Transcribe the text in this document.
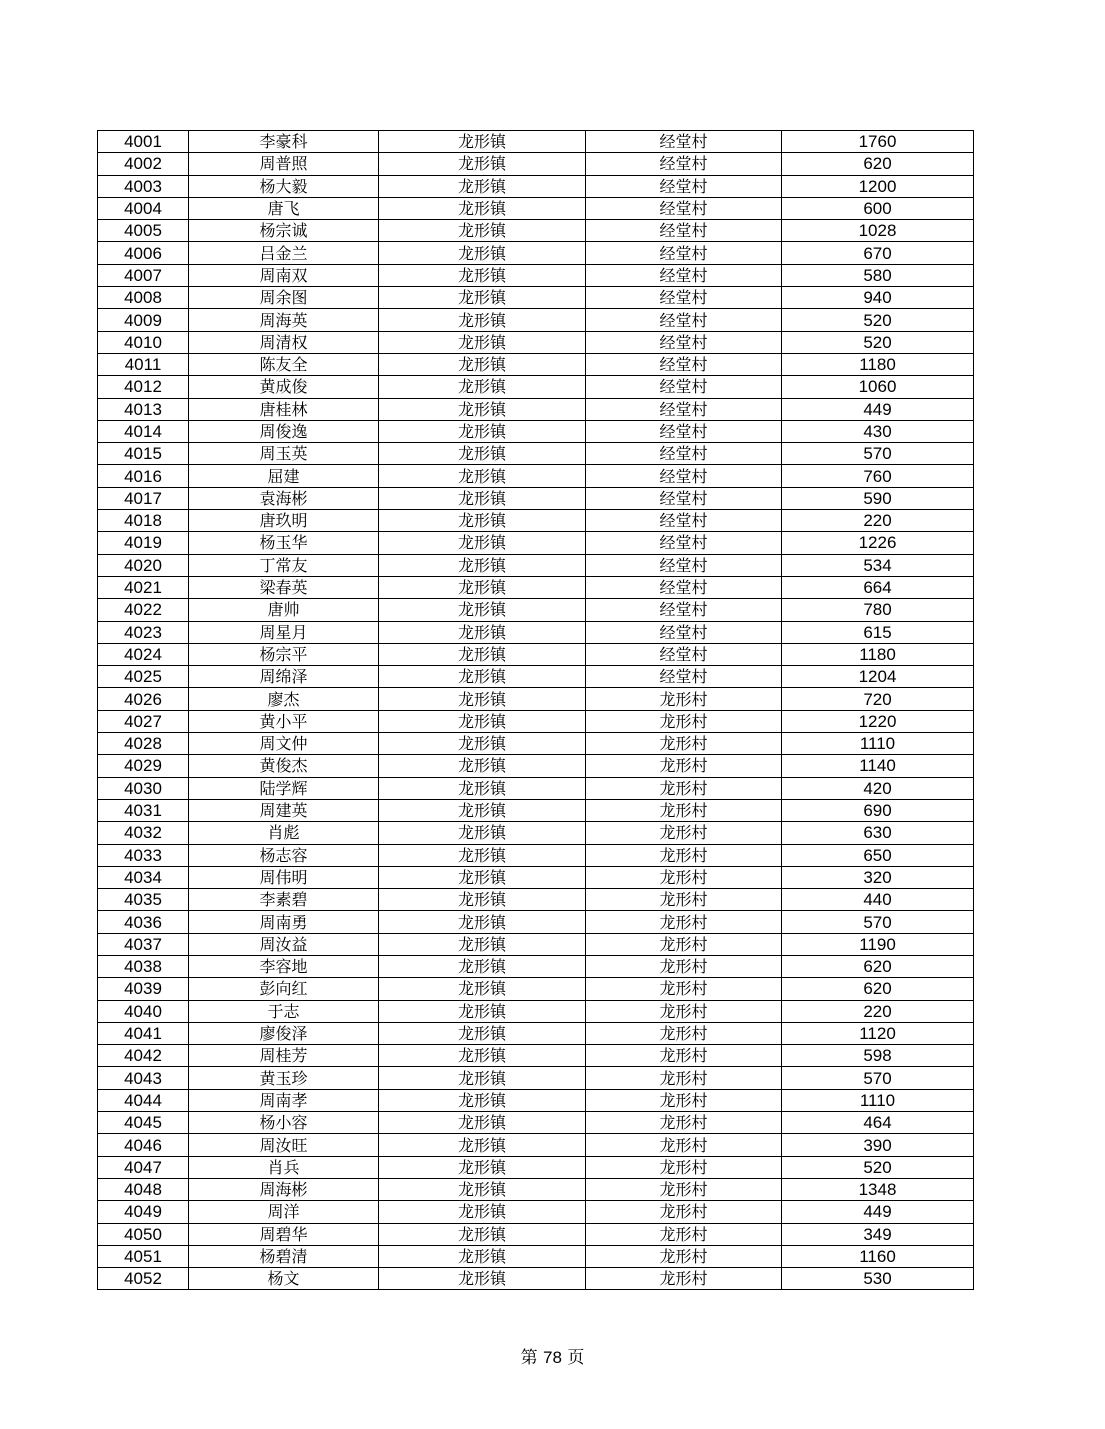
4001	李豪科	龙形镇	经堂村	1760
4002	周普照	龙形镇	经堂村	620
4003	杨大毅	龙形镇	经堂村	1200
4004	唐飞	龙形镇	经堂村	600
4005	杨宗诚	龙形镇	经堂村	1028
4006	吕金兰	龙形镇	经堂村	670
4007	周南双	龙形镇	经堂村	580
4008	周余图	龙形镇	经堂村	940
4009	周海英	龙形镇	经堂村	520
4010	周清权	龙形镇	经堂村	520
4011	陈友全	龙形镇	经堂村	1180
4012	黄成俊	龙形镇	经堂村	1060
4013	唐桂林	龙形镇	经堂村	449
4014	周俊逸	龙形镇	经堂村	430
4015	周玉英	龙形镇	经堂村	570
4016	屈建	龙形镇	经堂村	760
4017	袁海彬	龙形镇	经堂村	590
4018	唐玖明	龙形镇	经堂村	220
4019	杨玉华	龙形镇	经堂村	1226
4020	丁常友	龙形镇	经堂村	534
4021	梁春英	龙形镇	经堂村	664
4022	唐帅	龙形镇	经堂村	780
4023	周星月	龙形镇	经堂村	615
4024	杨宗平	龙形镇	经堂村	1180
4025	周绵泽	龙形镇	经堂村	1204
4026	廖杰	龙形镇	龙形村	720
4027	黄小平	龙形镇	龙形村	1220
4028	周文仲	龙形镇	龙形村	1110
4029	黄俊杰	龙形镇	龙形村	1140
4030	陆学辉	龙形镇	龙形村	420
4031	周建英	龙形镇	龙形村	690
4032	肖彪	龙形镇	龙形村	630
4033	杨志容	龙形镇	龙形村	650
4034	周伟明	龙形镇	龙形村	320
4035	李素碧	龙形镇	龙形村	440
4036	周南勇	龙形镇	龙形村	570
4037	周汝益	龙形镇	龙形村	1190
4038	李容地	龙形镇	龙形村	620
4039	彭向红	龙形镇	龙形村	620
4040	于志	龙形镇	龙形村	220
4041	廖俊泽	龙形镇	龙形村	1120
4042	周桂芳	龙形镇	龙形村	598
4043	黄玉珍	龙形镇	龙形村	570
4044	周南孝	龙形镇	龙形村	1110
4045	杨小容	龙形镇	龙形村	464
4046	周汝旺	龙形镇	龙形村	390
4047	肖兵	龙形镇	龙形村	520
4048	周海彬	龙形镇	龙形村	1348
4049	周洋	龙形镇	龙形村	449
4050	周碧华	龙形镇	龙形村	349
4051	杨碧清	龙形镇	龙形村	1160
4052	杨文	龙形镇	龙形村	530
第 78 页
